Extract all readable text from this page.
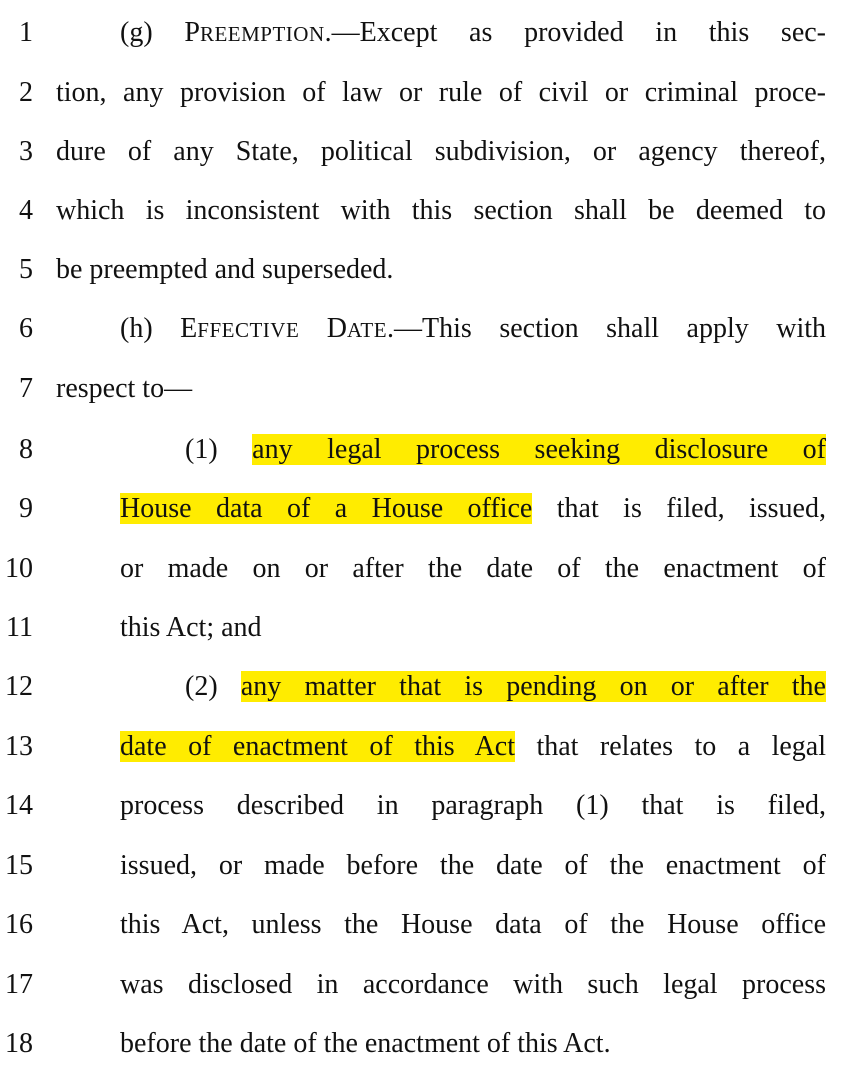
1	(g) PREEMPTION.—Except as provided in this sec-
2 tion, any provision of law or rule of civil or criminal proce-
3 dure of any State, political subdivision, or agency thereof,
4 which is inconsistent with this section shall be deemed to
5 be preempted and superseded.
6	(h) EFFECTIVE DATE.—This section shall apply with
7 respect to—
8	(1) any legal process seeking disclosure of
9	House data of a House office that is filed, issued,
10	or made on or after the date of the enactment of
11	this Act; and
12	(2) any matter that is pending on or after the
13	date of enactment of this Act that relates to a legal
14	process described in paragraph (1) that is filed,
15	issued, or made before the date of the enactment of
16	this Act, unless the House data of the House office
17	was disclosed in accordance with such legal process
18	before the date of the enactment of this Act.
